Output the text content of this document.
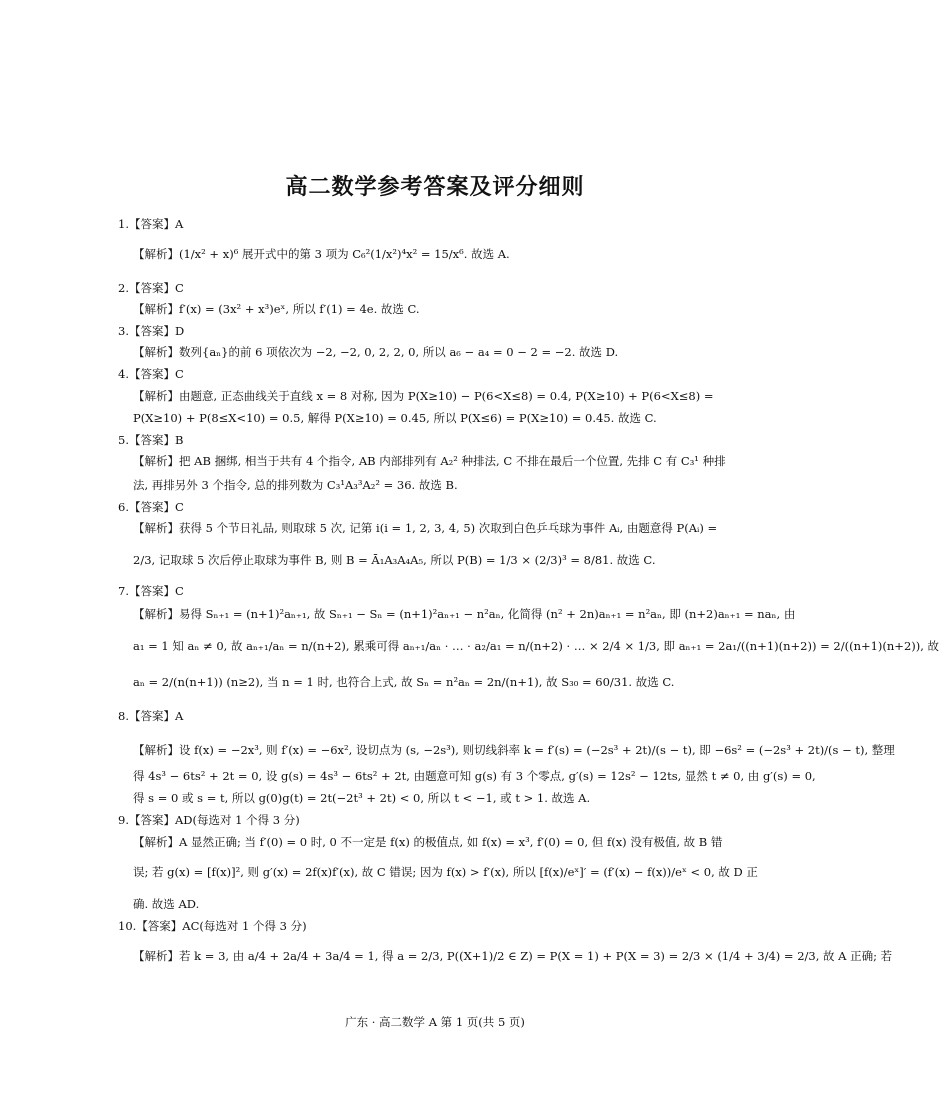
高二数学参考答案及评分细则
1.【答案】A
【解析】(1/x² + x)⁶ 展开式中的第 3 项为 C₆²(1/x²)⁴x² = 15/x⁶. 故选 A.
2.【答案】C
【解析】f′(x) = (3x² + x³)eˣ, 所以 f′(1) = 4e. 故选 C.
3.【答案】D
【解析】数列{aₙ}的前 6 项依次为 −2, −2, 0, 2, 2, 0, 所以 a₆ − a₄ = 0 − 2 = −2. 故选 D.
4.【答案】C
【解析】由题意, 正态曲线关于直线 x = 8 对称, 因为 P(X≥10) − P(6<X≤8) = 0.4, P(X≥10) + P(6<X≤8) =
P(X≥10) + P(8≤X<10) = 0.5, 解得 P(X≥10) = 0.45, 所以 P(X≤6) = P(X≥10) = 0.45. 故选 C.
5.【答案】B
【解析】把 AB 捆绑, 相当于共有 4 个指令, AB 内部排列有 A₂² 种排法, C 不排在最后一个位置, 先排 C 有 C₃¹ 种排
法, 再排另外 3 个指令, 总的排列数为 C₃¹A₃³A₂² = 36. 故选 B.
6.【答案】C
【解析】获得 5 个节日礼品, 则取球 5 次, 记第 i(i = 1, 2, 3, 4, 5) 次取到白色乒乓球为事件 Aᵢ, 由题意得 P(Aᵢ) =
2/3, 记取球 5 次后停止取球为事件 B, 则 B = Ā₁A₃A₄A₅, 所以 P(B) = 1/3 × (2/3)³ = 8/81. 故选 C.
7.【答案】C
【解析】易得 Sₙ₊₁ = (n+1)²aₙ₊₁, 故 Sₙ₊₁ − Sₙ = (n+1)²aₙ₊₁ − n²aₙ, 化简得 (n² + 2n)aₙ₊₁ = n²aₙ, 即 (n+2)aₙ₊₁ = naₙ, 由
a₁ = 1 知 aₙ ≠ 0, 故 aₙ₊₁/aₙ = n/(n+2), 累乘可得 aₙ₊₁/aₙ · … · a₂/a₁ = n/(n+2) · … × 2/4 × 1/3, 即 aₙ₊₁ = 2a₁/((n+1)(n+2)) = 2/((n+1)(n+2)), 故
aₙ = 2/(n(n+1)) (n≥2), 当 n = 1 时, 也符合上式, 故 Sₙ = n²aₙ = 2n/(n+1), 故 S₃₀ = 60/31. 故选 C.
8.【答案】A
【解析】设 f(x) = −2x³, 则 f′(x) = −6x², 设切点为 (s, −2s³), 则切线斜率 k = f′(s) = (−2s³ + 2t)/(s − t), 即 −6s² = (−2s³ + 2t)/(s − t), 整理
得 4s³ − 6ts² + 2t = 0, 设 g(s) = 4s³ − 6ts² + 2t, 由题意可知 g(s) 有 3 个零点, g′(s) = 12s² − 12ts, 显然 t ≠ 0, 由 g′(s) = 0,
得 s = 0 或 s = t, 所以 g(0)g(t) = 2t(−2t³ + 2t) < 0, 所以 t < −1, 或 t > 1. 故选 A.
9.【答案】AD(每选对 1 个得 3 分)
【解析】A 显然正确; 当 f′(0) = 0 时, 0 不一定是 f(x) 的极值点, 如 f(x) = x³, f′(0) = 0, 但 f(x) 没有极值, 故 B 错
误; 若 g(x) = [f(x)]², 则 g′(x) = 2f(x)f′(x), 故 C 错误; 因为 f(x) > f′(x), 所以 [f(x)/eˣ]′ = (f′(x) − f(x))/eˣ < 0, 故 D 正
确. 故选 AD.
10.【答案】AC(每选对 1 个得 3 分)
【解析】若 k = 3, 由 a/4 + 2a/4 + 3a/4 = 1, 得 a = 2/3, P((X+1)/2 ∈ Z) = P(X = 1) + P(X = 3) = 2/3 × (1/4 + 3/4) = 2/3, 故 A 正确; 若
广东 · 高二数学 A 第 1 页(共 5 页)
